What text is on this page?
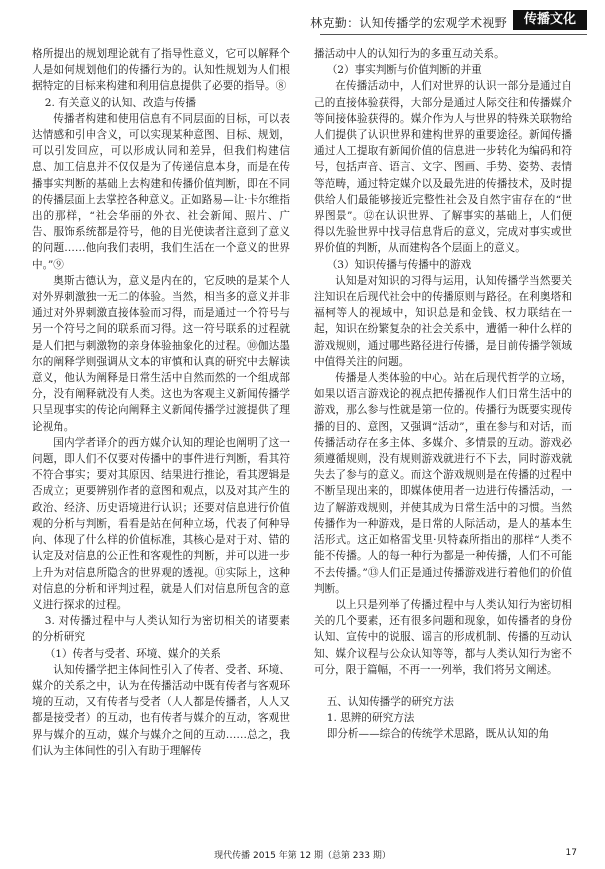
林克勤：认知传播学的宏观学术视野	传播文化

格所提出的规划理论就有了指导性意义，它可以解释个人是如何规划他们的传播行为的。认知性规划为人们根据特定的目标来构建和利用信息提供了必要的指导。⑧

2. 有关意义的认知、改造与传播

传播者构建和使用信息有不同层面的目标，可以表达情感和引申含义，可以实现某种意图、目标、规划，可以引发回应，可以形成认同和差异，但我们构建信息、加工信息并不仅仅是为了传递信息本身，而是在传播事实判断的基础上去构建和传播价值判断，即在不同的传播层面上去掌控各种意义。正如路易—让·卡尔维指出的那样，“社会华丽的外衣、社会新闻、照片、广告、服饰系统都是符号，他的目光使读者注意到了意义的问题……他向我们表明，我们生活在一个意义的世界中。”⑨

奥斯古德认为，意义是内在的，它反映的是某个人对外界刺激独一无二的体验。当然，相当多的意义并非通过对外界刺激直接体验而习得，而是通过一个符号与另一个符号之间的联系而习得。这一符号联系的过程就是人们把与刺激物的亲身体验抽象化的过程。⑩伽达墨尔的阐释学则强调从文本的审慎和认真的研究中去解读意义，他认为阐释是日常生活中自然而然的一个组成部分，没有阐释就没有人类。这也为客观主义新闻传播学只呈现事实的传论向阐释主义新闻传播学过渡提供了理论视角。

国内学者译介的西方媒介认知的理论也阐明了这一问题，即人们不仅要对传播中的事件进行判断，看其符不符合事实；要对其原因、结果进行推论，看其逻辑是否成立；更要辨别作者的意图和观点，以及对其产生的政治、经济、历史语境进行认识；还要对信息进行价值观的分析与判断，看看是站在何种立场，代表了何种导向、体现了什么样的价值标准，其核心是对于对、错的认定及对信息的公正性和客观性的判断，并可以进一步上升为对信息所隐含的世界观的透视。⑪实际上，这种对信息的分析和评判过程，就是人们对信息所包含的意义进行探求的过程。

3. 对传播过程中与人类认知行为密切相关的诸要素的分析研究

（1）传者与受者、环境、媒介的关系

认知传播学把主体间性引入了传者、受者、环境、媒介的关系之中，认为在传播活动中既有传者与客观环境的互动，又有传者与受者（人人都是传播者，人人又都是接受者）的互动，也有传者与媒介的互动，客观世界与媒介的互动，媒介与媒介之间的互动……总之，我们认为主体间性的引入有助于理解传

播活动中人的认知行为的多重互动关系。

（2）事实判断与价值判断的并重

在传播活动中，人们对世界的认识一部分是通过自己的直接体验获得，大部分是通过人际交往和传播媒介等间接体验获得的。媒介作为人与世界的特殊关联物给人们提供了认识世界和建构世界的重要途径。新闻传播通过人工提取有新闻价值的信息进一步转化为编码和符号，包括声音、语言、文字、图画、手势、姿势、表情等范畴，通过特定媒介以及最先进的传播技术，及时提供给人们最能够接近完整性社会及自然宇宙存在的“世界图景”。⑫在认识世界、了解事实的基础上，人们便得以先验世界中找寻信息背后的意义，完成对事实或世界价值的判断，从而建构各个层面上的意义。

（3）知识传播与传播中的游戏

认知是对知识的习得与运用，认知传播学当然要关注知识在后现代社会中的传播原则与路径。在利奥塔和福柯等人的视域中，知识总是和金钱、权力联结在一起，知识在纷繁复杂的社会关系中，遭循一种什么样的游戏规则，通过哪些路径进行传播，是目前传播学领域中值得关注的问题。

传播是人类体验的中心。站在后现代哲学的立场，如果以语言游戏论的视点把传播视作人们日常生活中的游戏，那么参与性就是第一位的。传播行为既要实现传播的目的、意图，又强调“活动”，重在参与和对话，而传播活动存在多主体、多媒介、多情景的互动。游戏必须遵循规则，没有规则游戏就进行不下去，同时游戏就失去了参与的意义。而这个游戏规则是在传播的过程中不断呈现出来的，即媒体使用者一边进行传播活动，一边了解游戏规则，并使其成为日常生活中的习惯。当然传播作为一种游戏，是日常的人际活动，是人的基本生活形式。这正如格雷戈里·贝特森所指出的那样“人类不能不传播。人的每一种行为都是一种传播，人们不可能不去传播。”⑬人们正是通过传播游戏进行着他们的价值判断。

以上只是列举了传播过程中与人类认知行为密切相关的几个要素，还有很多问题和现象，如传播者的身份认知、宣传中的说服、谣言的形成机制、传播的互动认知、媒介议程与公众认知等等，都与人类认知行为密不可分，限于篇幅，不再一一列举，我们将另文阐述。

五、认知传播学的研究方法

1. 思辨的研究方法

即分析——综合的传统学术思路，既从认知的角

现代传播 2015 年第 12 期（总第 233 期）	17
